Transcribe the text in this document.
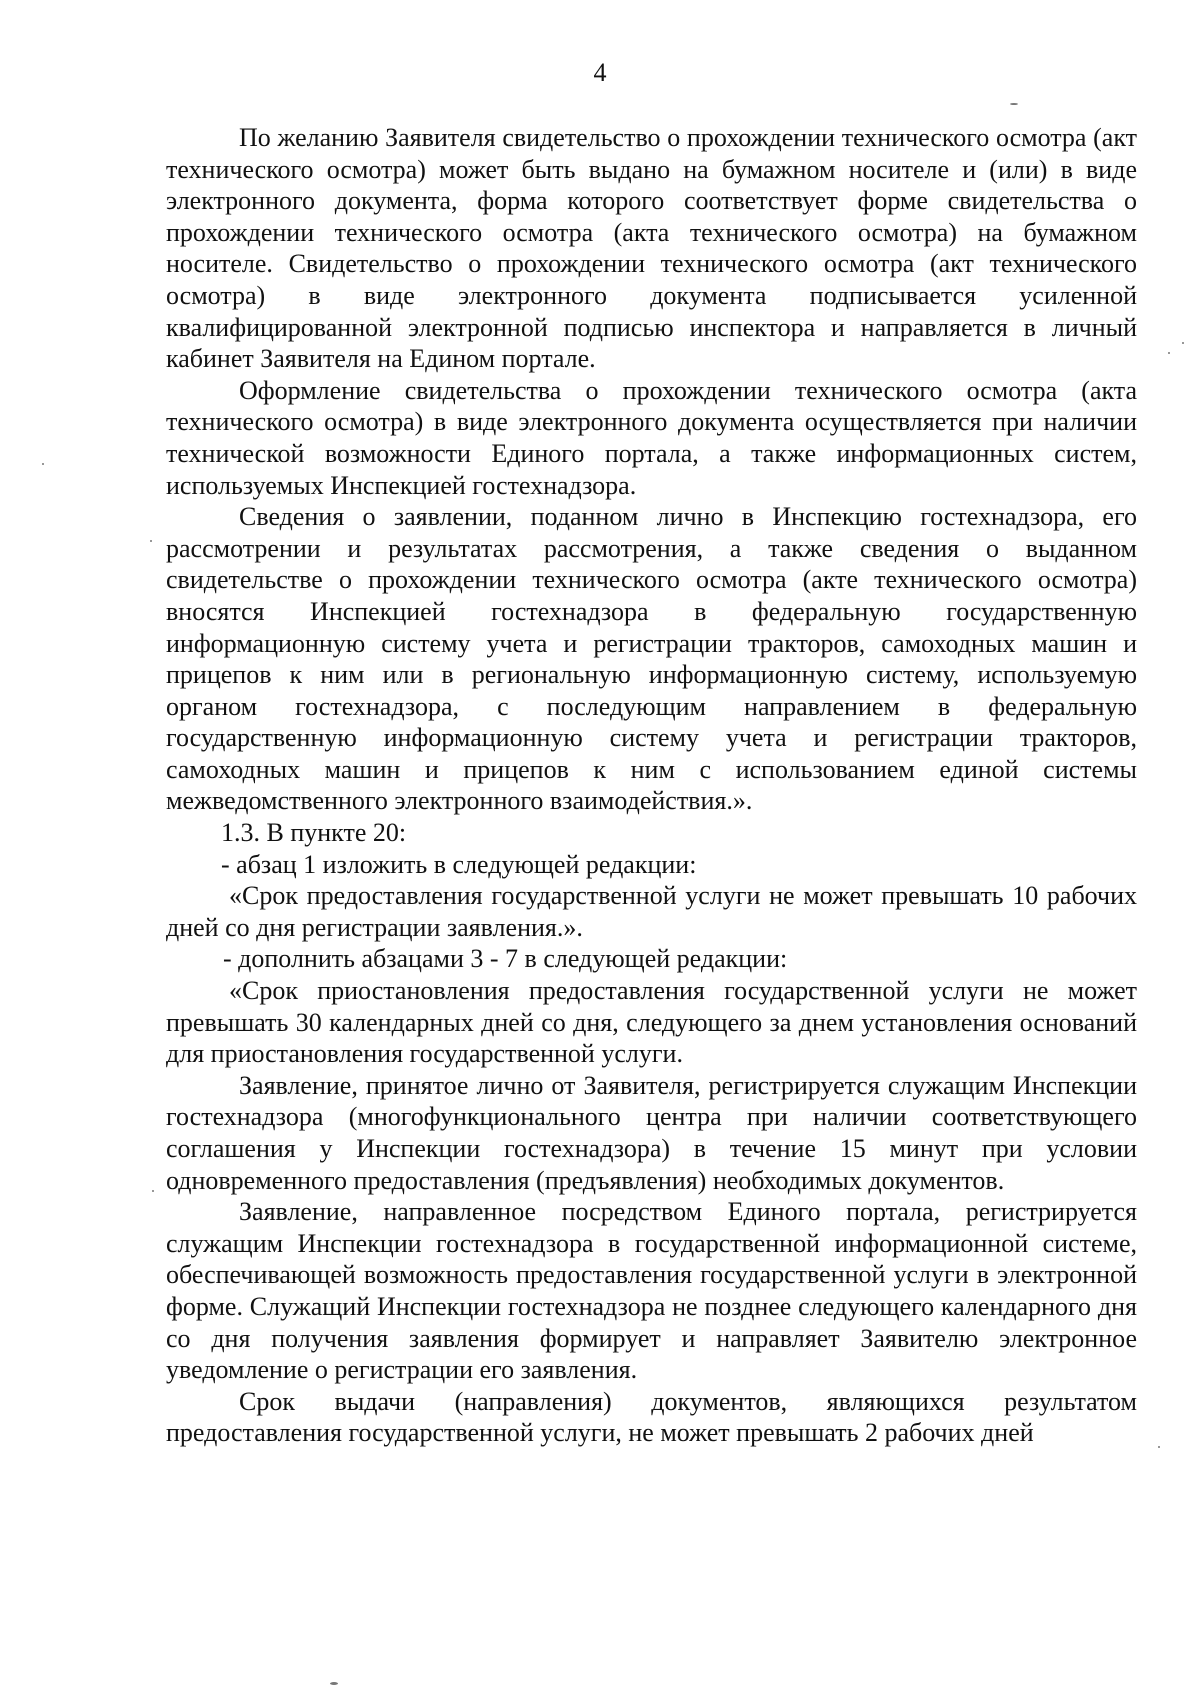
4

По желанию Заявителя свидетельство о прохождении технического осмотра (акт технического осмотра) может быть выдано на бумажном носителе и (или) в виде электронного документа, форма которого соответствует форме свидетельства о прохождении технического осмотра (акта технического осмотра) на бумажном носителе. Свидетельство о прохождении технического осмотра (акт технического осмотра) в виде электронного документа подписывается усиленной квалифицированной электронной подписью инспектора и направляется в личный кабинет Заявителя на Едином портале.

Оформление свидетельства о прохождении технического осмотра (акта технического осмотра) в виде электронного документа осуществляется при наличии технической возможности Единого портала, а также информационных систем, используемых Инспекцией гостехнадзора.

Сведения о заявлении, поданном лично в Инспекцию гостехнадзора, его рассмотрении и результатах рассмотрения, а также сведения о выданном свидетельстве о прохождении технического осмотра (акте технического осмотра) вносятся Инспекцией гостехнадзора в федеральную государственную информационную систему учета и регистрации тракторов, самоходных машин и прицепов к ним или в региональную информационную систему, используемую органом гостехнадзора, с последующим направлением в федеральную государственную информационную систему учета и регистрации тракторов, самоходных машин и прицепов к ним с использованием единой системы межведомственного электронного взаимодействия.».

1.3. В пункте 20:

- абзац 1 изложить в следующей редакции:

«Срок предоставления государственной услуги не может превышать 10 рабочих дней со дня регистрации заявления.».

- дополнить абзацами 3 - 7 в следующей редакции:

«Срок приостановления предоставления государственной услуги не может превышать 30 календарных дней со дня, следующего за днем установления оснований для приостановления государственной услуги.

Заявление, принятое лично от Заявителя, регистрируется служащим Инспекции гостехнадзора (многофункционального центра при наличии соответствующего соглашения у Инспекции гостехнадзора) в течение 15 минут при условии одновременного предоставления (предъявления) необходимых документов.

Заявление, направленное посредством Единого портала, регистрируется служащим Инспекции гостехнадзора в государственной информационной системе, обеспечивающей возможность предоставления государственной услуги в электронной форме. Служащий Инспекции гостехнадзора не позднее следующего календарного дня со дня получения заявления формирует и направляет Заявителю электронное уведомление о регистрации его заявления.

Срок выдачи (направления) документов, являющихся результатом предоставления государственной услуги, не может превышать 2 рабочих дней
